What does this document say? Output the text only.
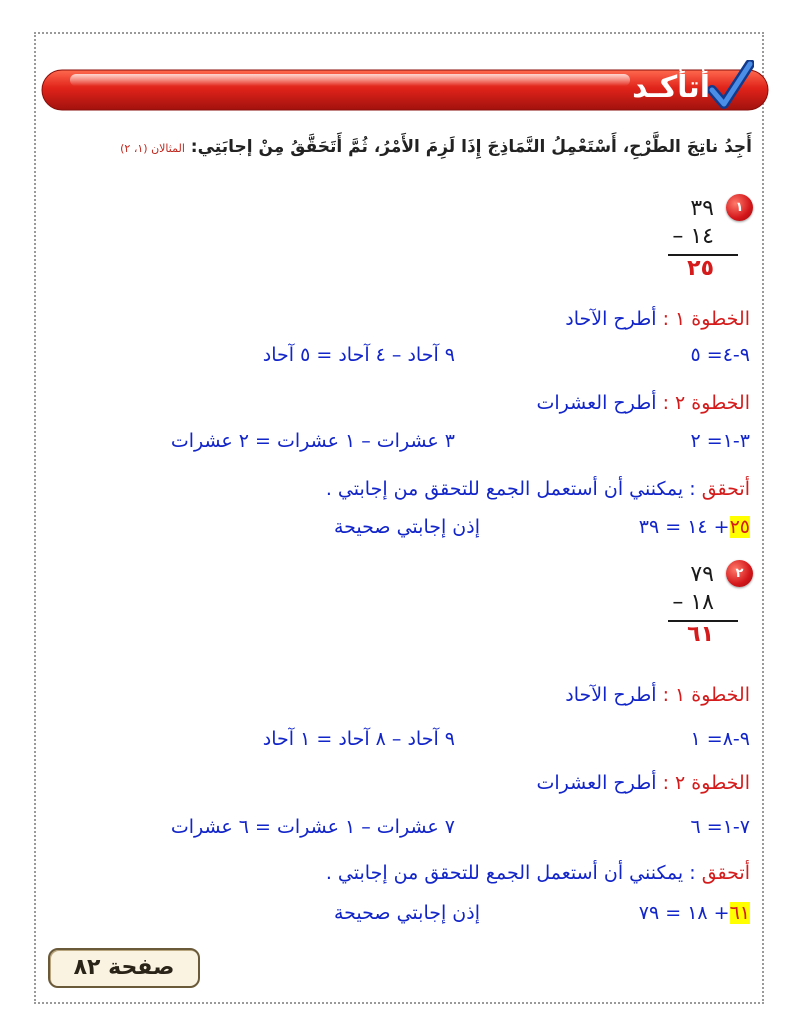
أتأكـد
أَجِدُ ناتِجَ الطَّرْحِ، أَسْتَعْمِلُ النَّمَاذِجَ إِذَا لَزِمَ الأَمْرُ، ثُمَّ أَتَحَقَّقُ مِنْ إجابَتِي: المثالان (١، ٢)
١
٣٩
١٤ –
٢٥
الخطوة ١ : أطرح الآحاد
٩-٤= ٥
٩ آحاد – ٤ آحاد = ٥ آحاد
الخطوة ٢ : أطرح العشرات
٣-١= ٢
٣ عشرات – ١ عشرات = ٢ عشرات
أتحقق : يمكنني أن أستعمل الجمع للتحقق من إجابتي .
٢٥+ ١٤ = ٣٩
إذن إجابتي صحيحة
٢
٧٩
١٨ –
٦١
الخطوة ١ : أطرح الآحاد
٩-٨= ١
٩ آحاد – ٨ آحاد = ١ آحاد
الخطوة ٢ : أطرح العشرات
٧-١= ٦
٧ عشرات – ١ عشرات = ٦ عشرات
أتحقق : يمكنني أن أستعمل الجمع للتحقق من إجابتي .
٦١+ ١٨ = ٧٩
إذن إجابتي صحيحة
صفحة ٨٢
